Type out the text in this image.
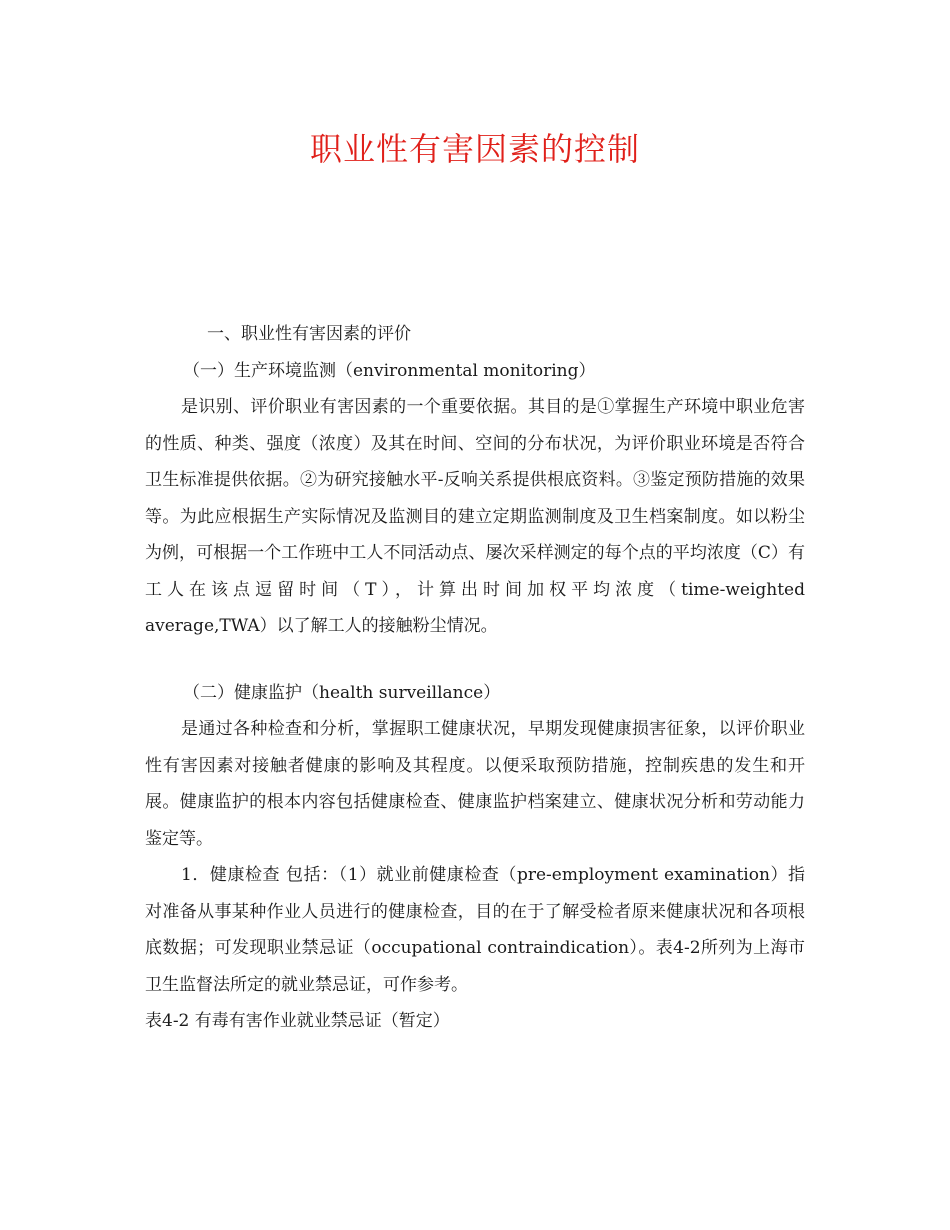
职业性有害因素的控制

一、职业性有害因素的评价

（一）生产环境监测（environmental monitoring）

是识别、评价职业有害因素的一个重要依据。其目的是①掌握生产环境中职业危害的性质、种类、强度（浓度）及其在时间、空间的分布状况，为评价职业环境是否符合卫生标准提供依据。②为研究接触水平-反响关系提供根底资料。③鉴定预防措施的效果等。为此应根据生产实际情况及监测目的建立定期监测制度及卫生档案制度。如以粉尘为例，可根据一个工作班中工人不同活动点、屡次采样测定的每个点的平均浓度（C）有工人在该点逗留时间（T），计算出时间加权平均浓度（time-weighted average,TWA）以了解工人的接触粉尘情况。

（二）健康监护（health surveillance）

是通过各种检查和分析，掌握职工健康状况，早期发现健康损害征象，以评价职业性有害因素对接触者健康的影响及其程度。以便采取预防措施，控制疾患的发生和开展。健康监护的根本内容包括健康检查、健康监护档案建立、健康状况分析和劳动能力鉴定等。

1．健康检查 包括：（1）就业前健康检查（pre-employment examination）指对准备从事某种作业人员进行的健康检查，目的在于了解受检者原来健康状况和各项根底数据；可发现职业禁忌证（occupational contraindication）。表4-2所列为上海市卫生监督法所定的就业禁忌证，可作参考。

表4-2 有毒有害作业就业禁忌证（暂定）
